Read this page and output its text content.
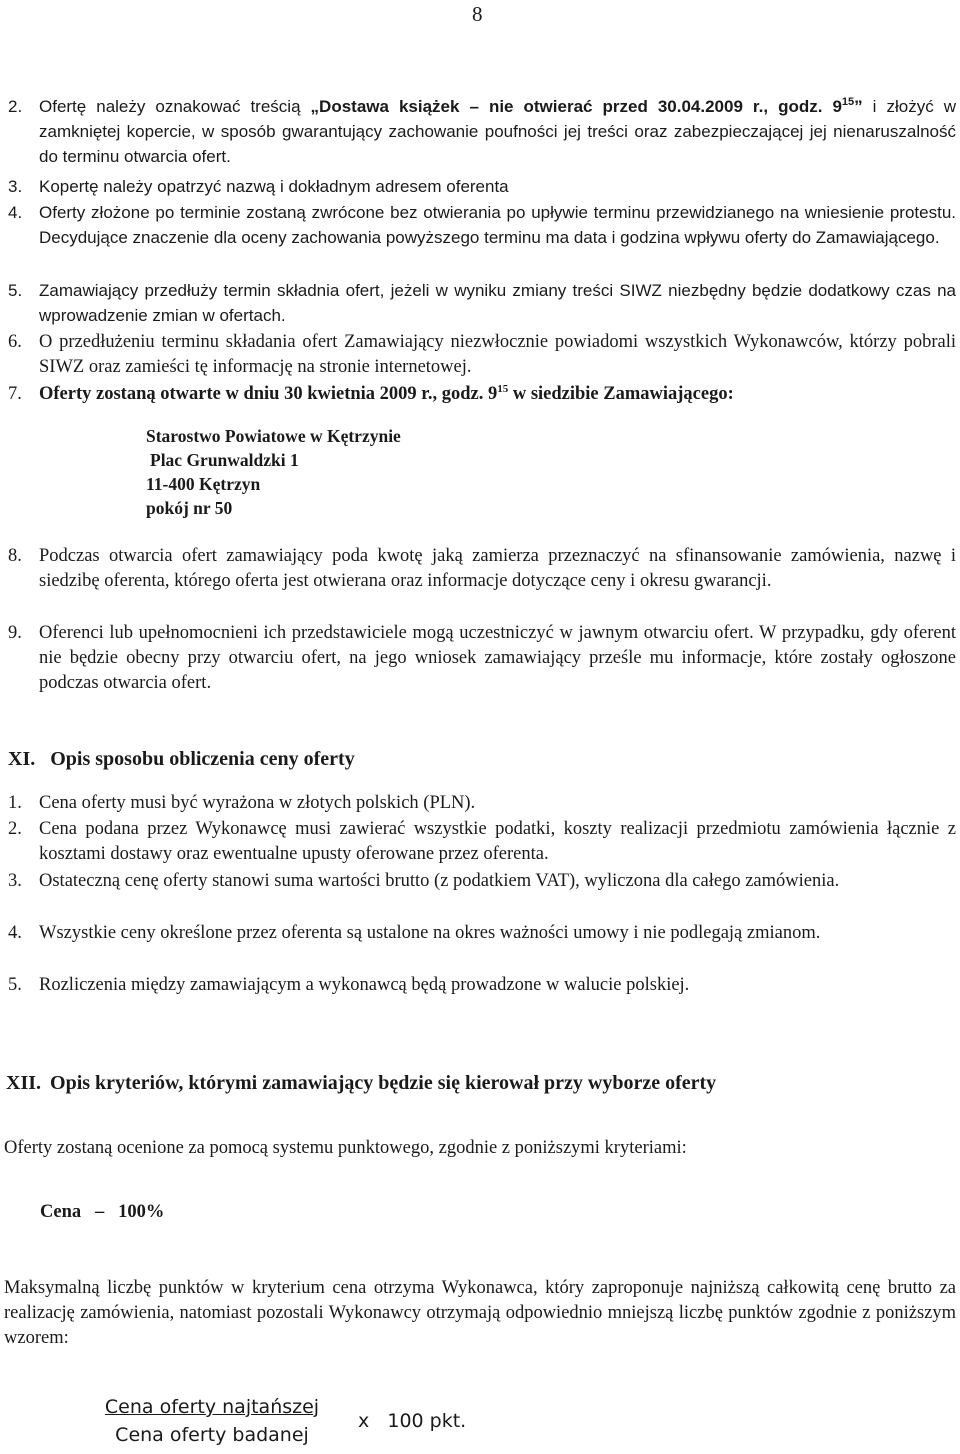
8
2. Ofertę należy oznakować treścią „Dostawa książek – nie otwierać przed 30.04.2009 r., godz. $9^{15}$” i złożyć w zamkniętej kopercie, w sposób gwarantujący zachowanie poufności jej treści oraz zabezpieczającej jej nienaruszalność do terminu otwarcia ofert.
3. Kopertę należy opatrzyć nazwą i dokładnym adresem oferenta
4. Oferty złożone po terminie zostaną zwrócone bez otwierania po upływie terminu przewidzianego na wniesienie protestu. Decydujące znaczenie dla oceny zachowania powyższego terminu ma data i godzina wpływu oferty do Zamawiającego.
5. Zamawiający przedłuży termin składnia ofert, jeżeli w wyniku zmiany treści SIWZ niezbędny będzie dodatkowy czas na wprowadzenie zmian w ofertach.
6. O przedłużeniu terminu składania ofert Zamawiający niezwłocznie powiadomi wszystkich Wykonawców, którzy pobrali SIWZ oraz zamieści tę informację na stronie internetowej.
7. Oferty zostaną otwarte w dniu 30 kwietnia 2009 r., godz. $9^{15}$ w siedzibie Zamawiającego:
Starostwo Powiatowe w Kętrzynie
Plac Grunwaldzki 1
11-400 Kętrzyn
pokój nr 50
8. Podczas otwarcia ofert zamawiający poda kwotę jaką zamierza przeznaczyć na sfinansowanie zamówienia, nazwę i siedzibę oferenta, którego oferta jest otwierana oraz informacje dotyczące ceny i okresu gwarancji.
9. Oferenci lub upełnomocnieni ich przedstawiciele mogą uczestniczyć w jawnym otwarciu ofert. W przypadku, gdy oferent nie będzie obecny przy otwarciu ofert, na jego wniosek zamawiający prześle mu informacje, które zostały ogłoszone podczas otwarcia ofert.
XI. Opis sposobu obliczenia ceny oferty
1. Cena oferty musi być wyrażona w złotych polskich (PLN).
2. Cena podana przez Wykonawcę musi zawierać wszystkie podatki, koszty realizacji przedmiotu zamówienia łącznie z kosztami dostawy oraz ewentualne upusty oferowane przez oferenta.
3. Ostateczną cenę oferty stanowi suma wartości brutto (z podatkiem VAT), wyliczona dla całego zamówienia.
4. Wszystkie ceny określone przez oferenta są ustalone na okres ważności umowy i nie podlegają zmianom.
5. Rozliczenia między zamawiającym a wykonawcą będą prowadzone w walucie polskiej.
XII. Opis kryteriów, którymi zamawiający będzie się kierował przy wyborze oferty
Oferty zostaną ocenione za pomocą systemu punktowego, zgodnie z poniższymi kryteriami:
Cena   –   100%
Maksymalną liczbę punktów w kryterium cena otrzyma Wykonawca, który zaproponuje najniższą całkowitą cenę brutto za realizację zamówienia, natomiast pozostali Wykonawcy otrzymają odpowiednio mniejszą liczbę punktów zgodnie z poniższym wzorem:
Cena oferty najtańszej
Cena oferty badanej
x   100 pkt.
